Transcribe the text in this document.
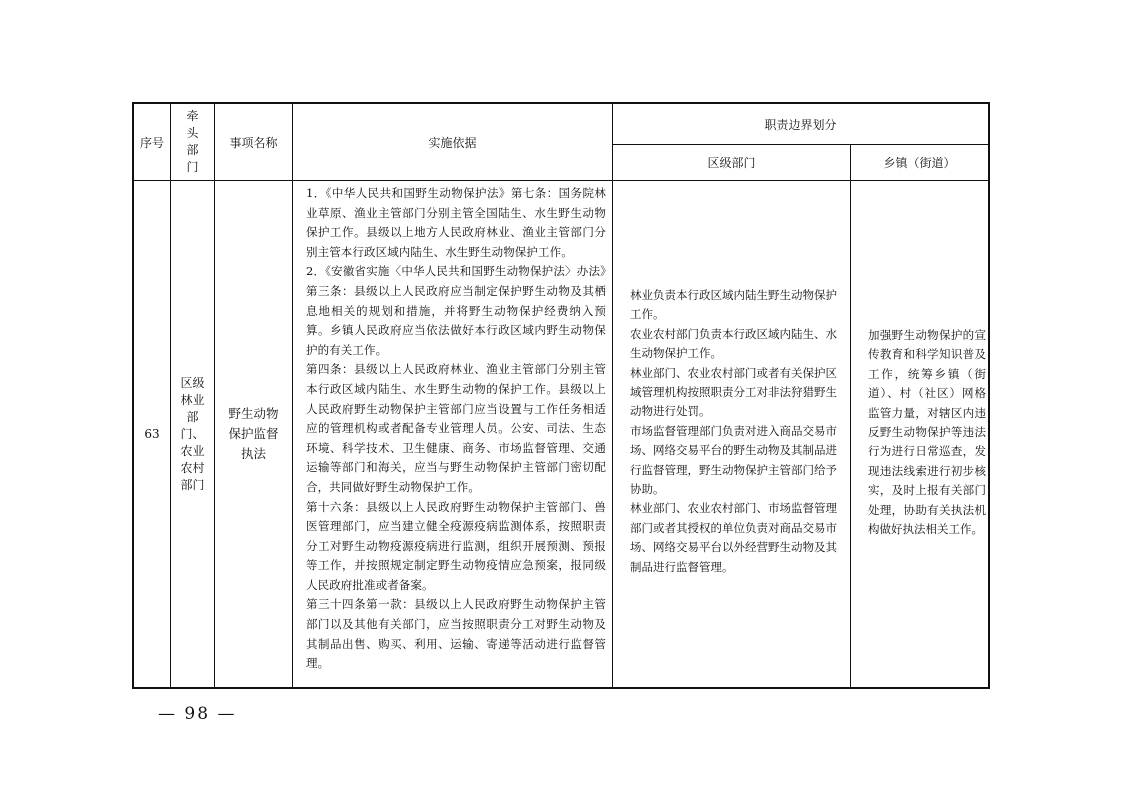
序号
牵头部门
事项名称	实施依据
职责边界划分
区级部门	乡镇（街道）
63
区级林业部门、农业农村部门
野生动物保护监督执法

1．《中华人民共和国野生动物保护法》第七条：国务院林业草原、渔业主管部门分别主管全国陆生、水生野生动物保护工作。县级以上地方人民政府林业、渔业主管部门分别主管本行政区域内陆生、水生野生动物保护工作。

2．《安徽省实施〈中华人民共和国野生动物保护法〉办法》第三条：县级以上人民政府应当制定保护野生动物及其栖息地相关的规划和措施，并将野生动物保护经费纳入预算。乡镇人民政府应当依法做好本行政区域内野生动物保护的有关工作。

第四条：县级以上人民政府林业、渔业主管部门分别主管本行政区域内陆生、水生野生动物的保护工作。县级以上人民政府野生动物保护主管部门应当设置与工作任务相适应的管理机构或者配备专业管理人员。公安、司法、生态环境、科学技术、卫生健康、商务、市场监督管理、交通运输等部门和海关，应当与野生动物保护主管部门密切配合，共同做好野生动物保护工作。

第十六条：县级以上人民政府野生动物保护主管部门、兽医管理部门，应当建立健全疫源疫病监测体系，按照职责分工对野生动物疫源疫病进行监测，组织开展预测、预报等工作，并按照规定制定野生动物疫情应急预案，报同级人民政府批准或者备案。

第三十四条第一款：县级以上人民政府野生动物保护主管部门以及其他有关部门，应当按照职责分工对野生动物及其制品出售、购买、利用、运输、寄递等活动进行监督管理。

林业负责本行政区域内陆生野生动物保护工作。

农业农村部门负责本行政区域内陆生、水生动物保护工作。

林业部门、农业农村部门或者有关保护区域管理机构按照职责分工对非法狩猎野生动物进行处罚。

市场监督管理部门负责对进入商品交易市场、网络交易平台的野生动物及其制品进行监督管理，野生动物保护主管部门给予协助。

林业部门、农业农村部门、市场监督管理部门或者其授权的单位负责对商品交易市场、网络交易平台以外经营野生动物及其制品进行监督管理。

加强野生动物保护的宣传教育和科学知识普及工作，统筹乡镇（街道）、村（社区）网格监管力量，对辖区内违反野生动物保护等违法行为进行日常巡查，发现违法线索进行初步核实，及时上报有关部门处理，协助有关执法机构做好执法相关工作。
— 98 —
